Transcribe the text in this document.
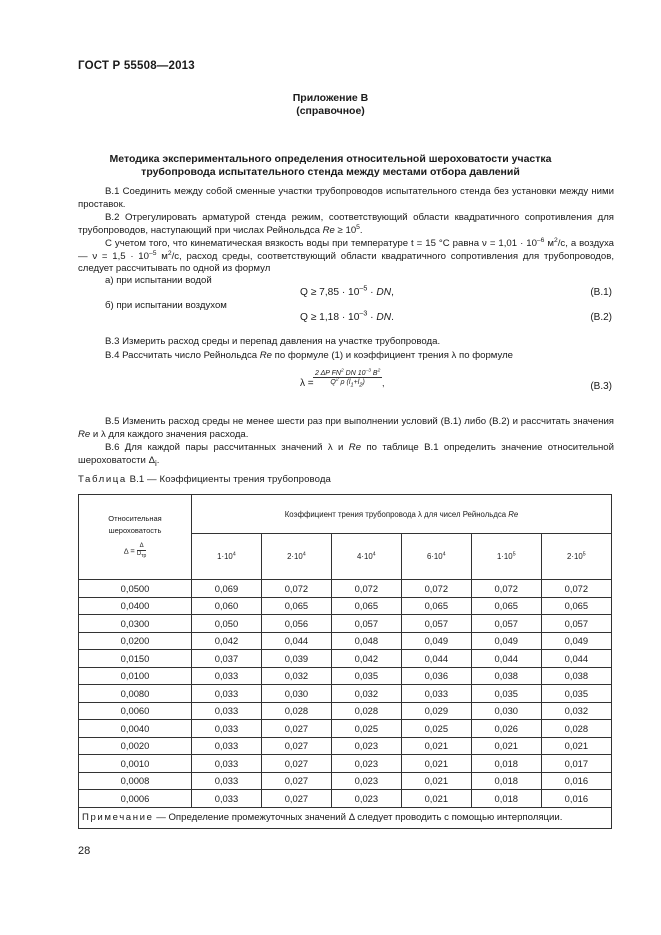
ГОСТ Р 55508—2013
Приложение В
(справочное)
Методика экспериментального определения относительной шероховатости участка трубопровода испытательного стенда между местами отбора давлений
В.1 Соединить между собой сменные участки трубопроводов испытательного стенда без установки между ними проставок.
В.2 Отрегулировать арматурой стенда режим, соответствующий области квадратичного сопротивления для трубопроводов, наступающий при числах Рейнольдса $Re \ge 10^5$.
С учетом того, что кинематическая вязкость воды при температуре t = 15 °С равна $\nu = 1,01 \cdot 10^{-6}$ $м^2/с$, а воздуха — $\nu = 1,5 \cdot 10^{-5}$ $м^2/с$, расход среды, соответствующий области квадратичного сопротивления для трубопроводов, следует рассчитывать по одной из формул
а) при испытании водой
$Q \ge 7,85 \cdot 10^{-5}$ · DN,	(В.1)
б) при испытании воздухом
$Q \ge 1,18 \cdot 10^{-3}$ · DN.	(В.2)
В.3 Измерить расход среды и перепад давления на участке трубопровода.
В.4 Рассчитать число Рейнольдса Re по формуле (1) и коэффициент трения λ по формуле
$\lambda = \frac{2 \Delta P FN^2 DN 10^{-3} B^2}{Q^2 \rho (l_1+l_2)}$ ,	(В.3)
В.5 Изменить расход среды не менее шести раз при выполнении условий (В.1) либо (В.2) и рассчитать значения Re и λ для каждого значения расхода.
В.6 Для каждой пары рассчитанных значений λ и Re по таблице В.1 определить значение относительной шероховатости $\Delta_i$.
Таблица В.1 — Коэффициенты трения трубопровода
Относительная
шероховатость
$\Delta = \frac{\Delta}{D_{тр}}$	Коэффициент трения трубопровода λ для чисел Рейнольдса Re					
	$1\cdot 10^4$	$2\cdot 10^4$	$4\cdot 10^4$	$6\cdot 10^4$	$1\cdot 10^5$	$2\cdot 10^5$
0,0500	0,069	0,072	0,072	0,072	0,072	0,072
0,0400	0,060	0,065	0,065	0,065	0,065	0,065
0,0300	0,050	0,056	0,057	0,057	0,057	0,057
0,0200	0,042	0,044	0,048	0,049	0,049	0,049
0,0150	0,037	0,039	0,042	0,044	0,044	0,044
0,0100	0,033	0,032	0,035	0,036	0,038	0,038
0,0080	0,033	0,030	0,032	0,033	0,035	0,035
0,0060	0,033	0,028	0,028	0,029	0,030	0,032
0,0040	0,033	0,027	0,025	0,025	0,026	0,028
0,0020	0,033	0,027	0,023	0,021	0,021	0,021
0,0010	0,033	0,027	0,023	0,021	0,018	0,017
0,0008	0,033	0,027	0,023	0,021	0,018	0,016
0,0006	0,033	0,027	0,023	0,021	0,018	0,016
Примечание — Определение промежуточных значений Δ следует проводить с помощью интерполяции.						
28
